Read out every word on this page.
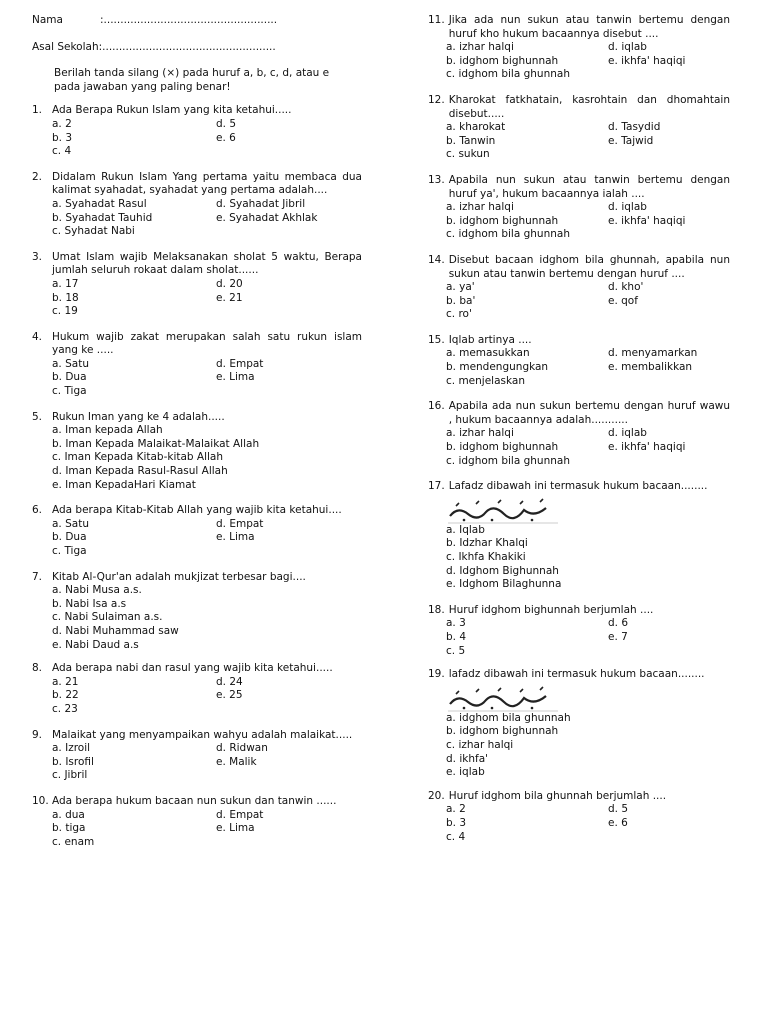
Nama	:....................................................
Asal Sekolah: ....................................................
Berilah tanda silang (×) pada huruf a, b, c, d, atau e pada jawaban yang paling benar!
1. Ada Berapa Rukun Islam yang kita ketahui.....
a. 2	d. 5
b. 3	e. 6
c. 4
2. Didalam Rukun Islam Yang pertama yaitu membaca dua kalimat syahadat, syahadat yang pertama adalah....
a. Syahadat Rasul	d. Syahadat Jibril
b. Syahadat Tauhid	e. Syahadat Akhlak
c. Syhadat Nabi
3. Umat Islam wajib Melaksanakan sholat 5 waktu, Berapa jumlah seluruh rokaat dalam sholat......
a. 17	d. 20
b. 18	e. 21
c. 19
4. Hukum wajib zakat merupakan salah satu rukun islam yang ke .....
a. Satu	d. Empat
b. Dua	e. Lima
c. Tiga
5. Rukun Iman yang ke 4 adalah.....
a. Iman kepada Allah
b. Iman Kepada Malaikat-Malaikat Allah
c. Iman Kepada Kitab-kitab Allah
d. Iman Kepada Rasul-Rasul Allah
e. Iman KepadaHari Kiamat
6. Ada berapa Kitab-Kitab Allah yang wajib kita ketahui....
a. Satu	d. Empat
b. Dua	e. Lima
c. Tiga
7. Kitab Al-Qur'an adalah mukjizat terbesar bagi....
a. Nabi Musa a.s.
b. Nabi Isa a.s
c. Nabi Sulaiman a.s.
d. Nabi Muhammad saw
e. Nabi Daud a.s
8. Ada berapa nabi dan rasul yang wajib kita ketahui.....
a. 21	d. 24
b. 22	e. 25
c. 23
9. Malaikat yang menyampaikan wahyu adalah malaikat.....
a. Izroil	d. Ridwan
b. Isrofil	e. Malik
c. Jibril
10. Ada berapa hukum bacaan nun sukun dan tanwin ......
a. dua	d. Empat
b. tiga	e. Lima
c. enam
11. Jika ada nun sukun atau tanwin bertemu dengan huruf kho hukum bacaannya disebut ....
a. izhar halqi	d. iqlab
b. idghom bighunnah	e. ikhfa' haqiqi
c. idghom bila ghunnah
12. Kharokat fatkhatain, kasrohtain dan dhomahtain disebut.....
a. kharokat	d. Tasydid
b. Tanwin	e. Tajwid
c. sukun
13. Apabila nun sukun atau tanwin bertemu dengan huruf ya', hukum bacaannya ialah ....
a. izhar halqi	d. iqlab
b. idghom bighunnah	e. ikhfa' haqiqi
c. idghom bila ghunnah
14. Disebut bacaan idghom bila ghunnah, apabila nun sukun atau tanwin bertemu dengan huruf ....
a. ya'	d. kho'
b. ba'	e. qof
c. ro'
15. Iqlab artinya ....
a. memasukkan	d. menyamarkan
b. mendengungkan	e. membalikkan
c. menjelaskan
16. Apabila ada nun sukun bertemu dengan huruf wawu , hukum bacaannya adalah...........
a. izhar halqi	d. iqlab
b. idghom bighunnah	e. ikhfa' haqiqi
c. idghom bila ghunnah
17. Lafadz dibawah ini termasuk hukum bacaan........
a. Iqlab
b. Idzhar Khalqi
c. Ikhfa Khakiki
d. Idghom Bighunnah
e. Idghom Bilaghunna
18. Huruf idghom bighunnah berjumlah ....
a. 3	d. 6
b. 4	e. 7
c. 5
19. lafadz dibawah ini termasuk hukum bacaan........
a. idghom bila ghunnah
b. idghom bighunnah
c. izhar halqi
d. ikhfa'
e. iqlab
20. Huruf idghom bila ghunnah berjumlah ....
a. 2	d. 5
b. 3	e. 6
c. 4
